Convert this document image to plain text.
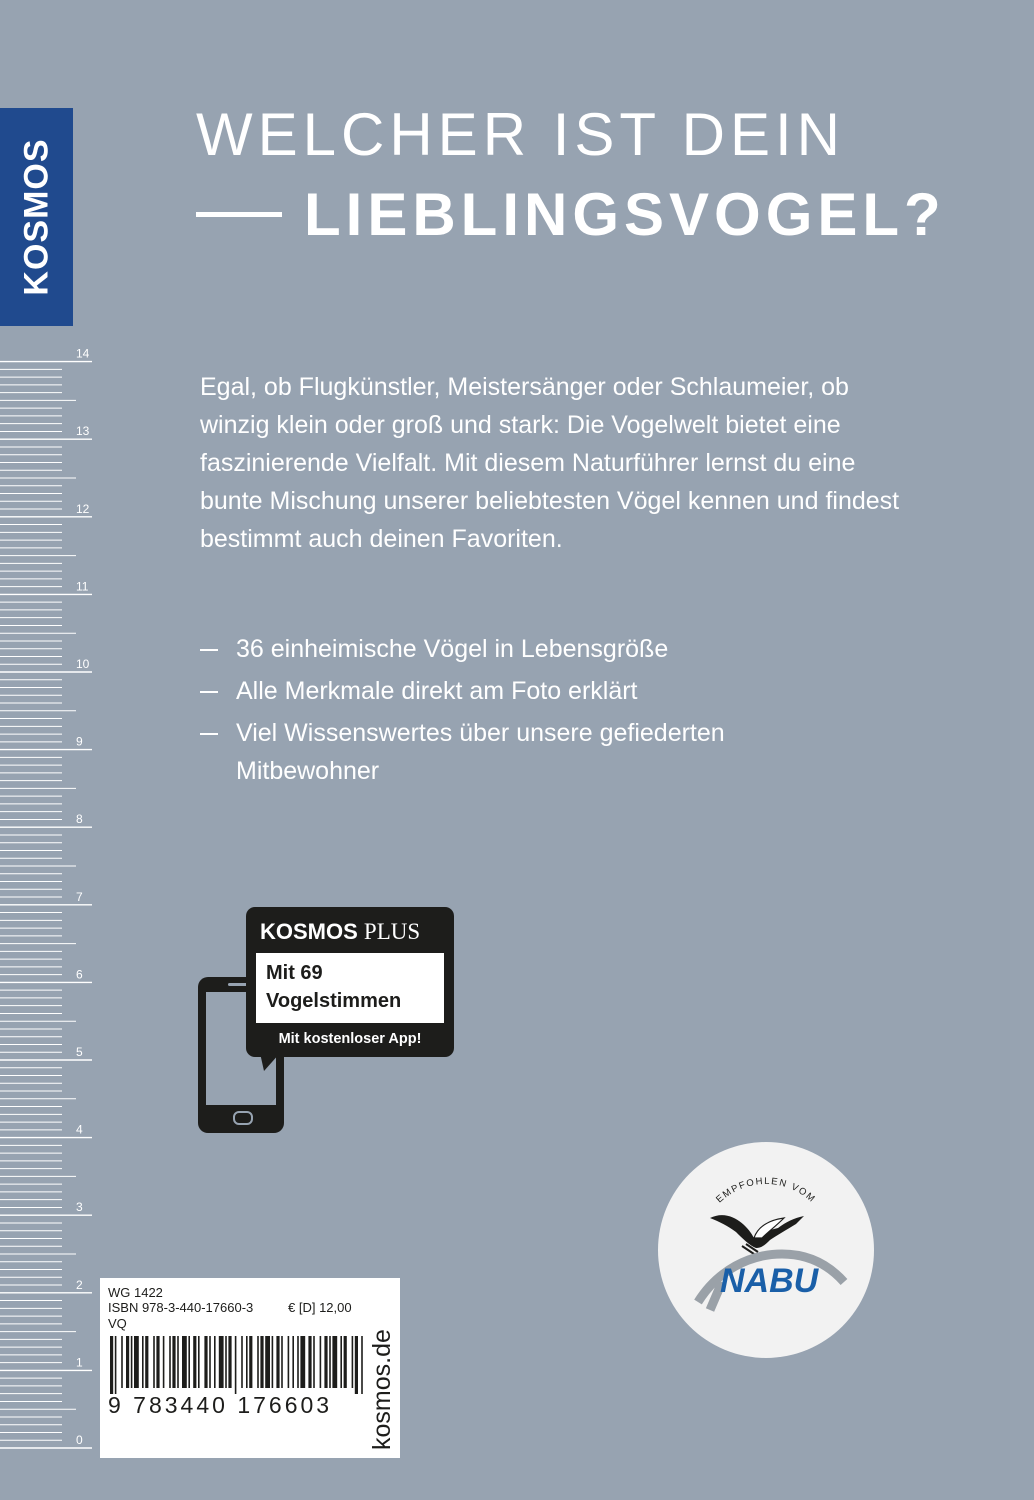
KOSMOS
14
13
12
11
10
9
8
7
6
5
4
3
2
1
0
WELCHER IST DEIN
LIEBLINGSVOGEL?

Egal, ob Flugkünstler, Meistersänger oder Schlaumeier, ob winzig klein oder groß und stark: Die Vogelwelt bietet eine faszinierende Vielfalt. Mit diesem Naturführer lernst du eine bunte Mischung unserer beliebtesten Vögel kennen und findest bestimmt auch deinen Favoriten.

36 einheimische Vögel in Lebensgröße
Alle Merkmale direkt am Foto erklärt
Viel Wissenswertes über unsere gefiederten Mitbewohner
KOSMOS PLUS
Mit 69
Vogelstimmen
Mit kostenloser App!
EMPFOHLEN VOM
NABU
WG 1422
ISBN 978-3-440-17660-3	€ [D] 12,00
VQ
9 783440 176603 kosmos.de
